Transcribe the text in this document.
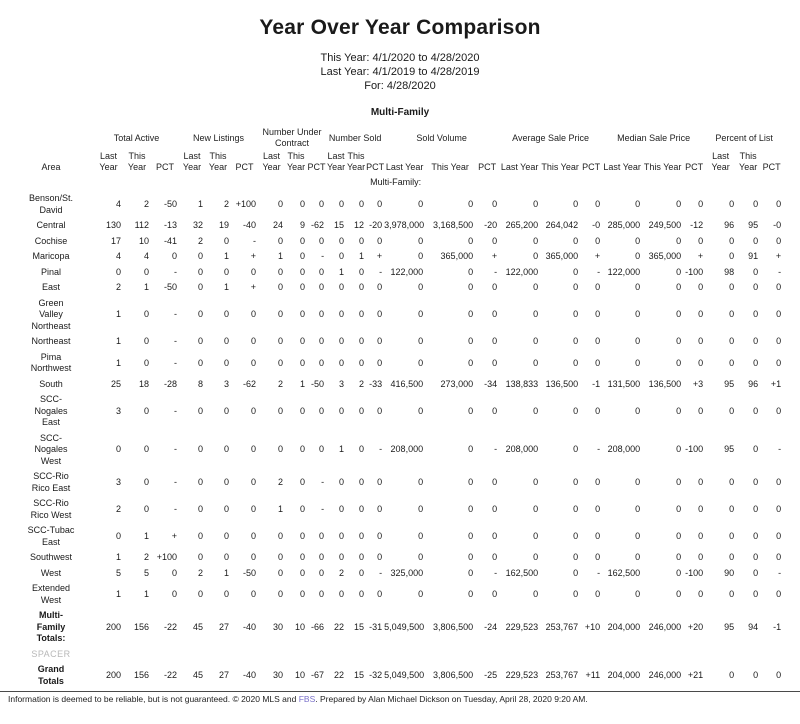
Year Over Year Comparison
This Year: 4/1/2020 to 4/28/2020
Last Year: 4/1/2019 to 4/28/2019
For: 4/28/2020
Multi-Family
	Total Active			New Listings			Number Under Contract			Number Sold			Sold Volume			Average Sale Price			Median Sale Price			Percent of List		
Area	Last Year	This Year	PCT	Last Year	This Year	PCT	Last Year	This Year	PCT	Last Year	This Year	PCT	Last Year	This Year	PCT	Last Year	This Year	PCT	Last Year	This Year	PCT	Last Year	This Year	PCT
Multi-Family:																								
Benson/St. David	4	2	-50	1	2	+100	0	0	0	0	0	0	0	0	0	0	0	0	0	0	0	0	0	0
Central	130	112	-13	32	19	-40	24	9	-62	15	12	-20	3,978,000	3,168,500	-20	265,200	264,042	-0	285,000	249,500	-12	96	95	-0
Cochise	17	10	-41	2	0	-	0	0	0	0	0	0	0	0	0	0	0	0	0	0	0	0	0	0
Maricopa	4	4	0	0	1	+	1	0	-	0	1	+	0	365,000	+	0	365,000	+	0	365,000	+	0	91	+
Pinal	0	0	-	0	0	0	0	0	0	1	0	-	122,000	0	-	122,000	0	-	122,000	0	-100	98	0	-
East	2	1	-50	0	1	+	0	0	0	0	0	0	0	0	0	0	0	0	0	0	0	0	0	0
Green Valley Northeast	1	0	-	0	0	0	0	0	0	0	0	0	0	0	0	0	0	0	0	0	0	0	0	0
Northeast	1	0	-	0	0	0	0	0	0	0	0	0	0	0	0	0	0	0	0	0	0	0	0	0
Pima Northwest	1	0	-	0	0	0	0	0	0	0	0	0	0	0	0	0	0	0	0	0	0	0	0	0
South	25	18	-28	8	3	-62	2	1	-50	3	2	-33	416,500	273,000	-34	138,833	136,500	-1	131,500	136,500	+3	95	96	+1
SCC-Nogales East	3	0	-	0	0	0	0	0	0	0	0	0	0	0	0	0	0	0	0	0	0	0	0	0
SCC-Nogales West	0	0	-	0	0	0	0	0	0	1	0	-	208,000	0	-	208,000	0	-	208,000	0	-100	95	0	-
SCC-Rio Rico East	3	0	-	0	0	0	2	0	-	0	0	0	0	0	0	0	0	0	0	0	0	0	0	0
SCC-Rio Rico West	2	0	-	0	0	0	1	0	-	0	0	0	0	0	0	0	0	0	0	0	0	0	0	0
SCC-Tubac East	0	1	+	0	0	0	0	0	0	0	0	0	0	0	0	0	0	0	0	0	0	0	0	0
Southwest	1	2	+100	0	0	0	0	0	0	0	0	0	0	0	0	0	0	0	0	0	0	0	0	0
West	5	5	0	2	1	-50	0	0	0	2	0	-	325,000	0	-	162,500	0	-	162,500	0	-100	90	0	-
Extended West	1	1	0	0	0	0	0	0	0	0	0	0	0	0	0	0	0	0	0	0	0	0	0	0
Multi-Family Totals:	200	156	-22	45	27	-40	30	10	-66	22	15	-31	5,049,500	3,806,500	-24	229,523	253,767	+10	204,000	246,000	+20	95	94	-1
SPACER																								
Grand Totals	200	156	-22	45	27	-40	30	10	-67	22	15	-32	5,049,500	3,806,500	-25	229,523	253,767	+11	204,000	246,000	+21	0	0	0
Information is deemed to be reliable, but is not guaranteed. © 2020 MLS and FBS. Prepared by Alan Michael Dickson on Tuesday, April 28, 2020 9:20 AM.
